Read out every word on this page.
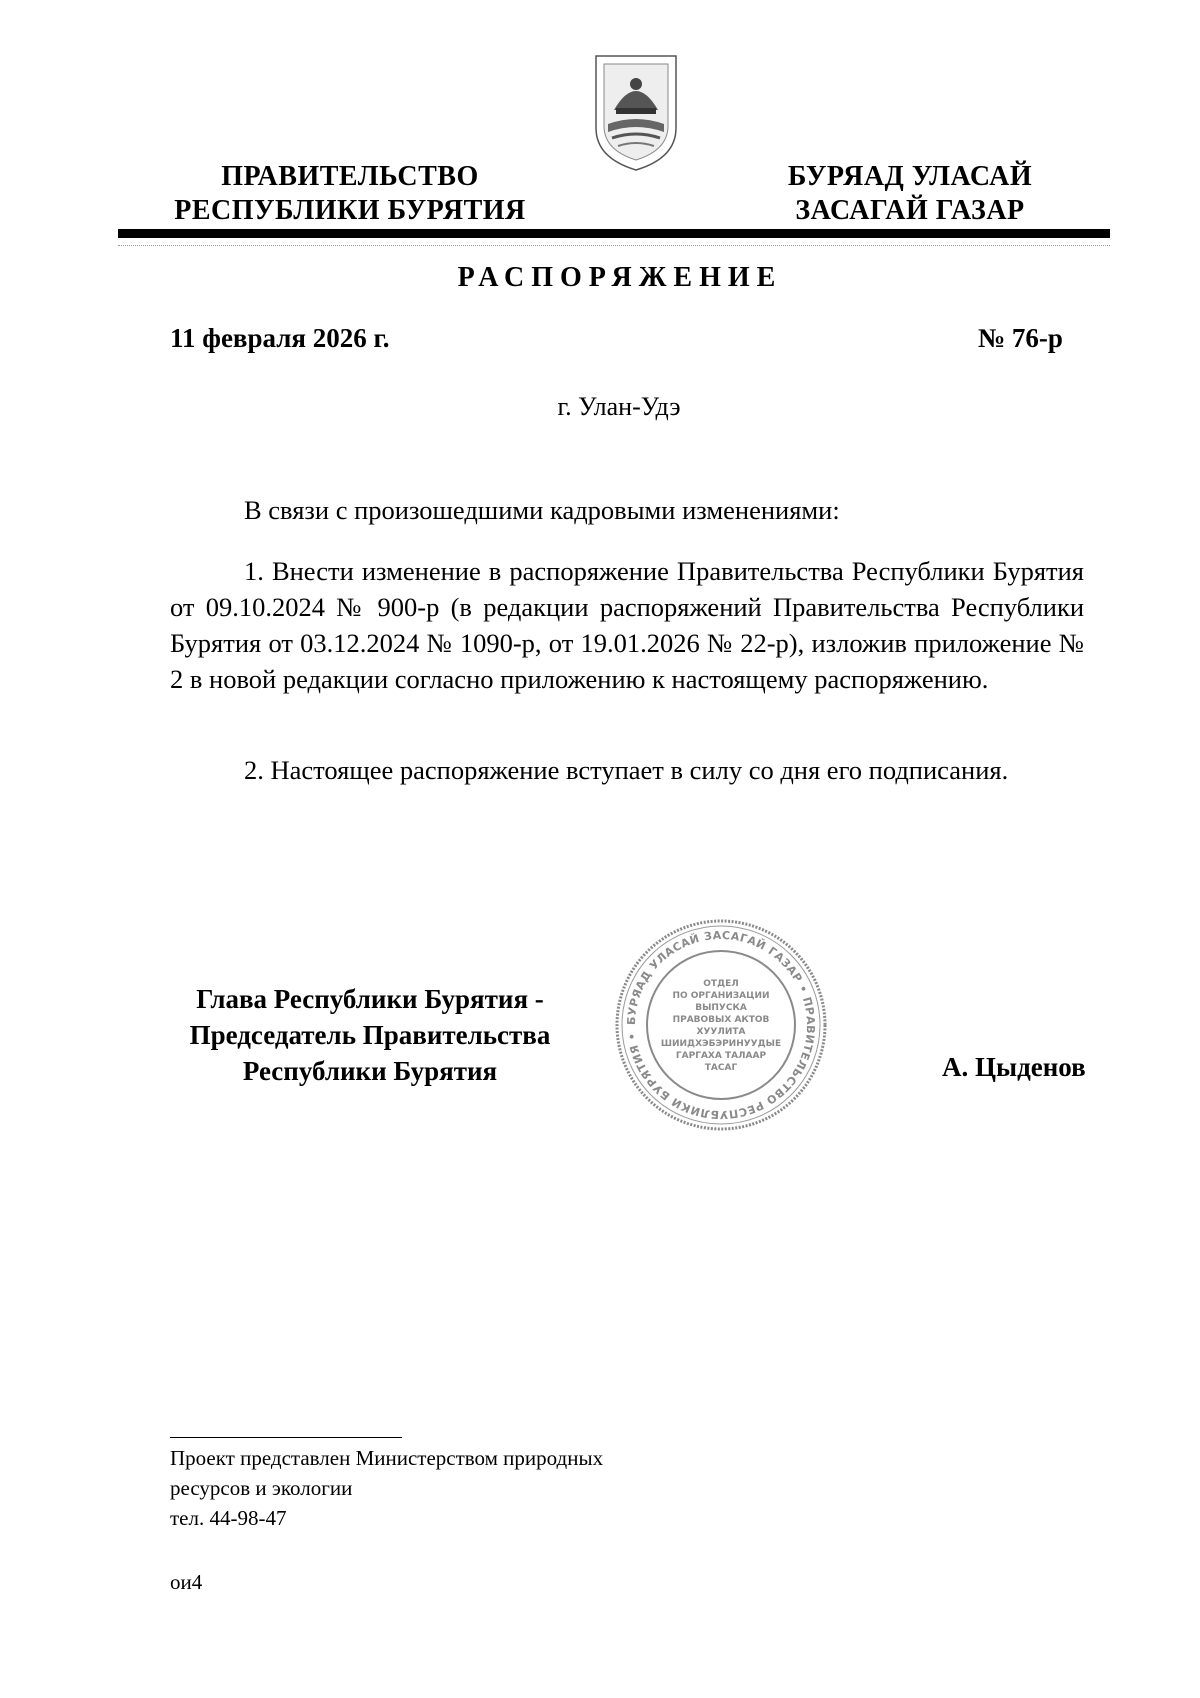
ПРАВИТЕЛЬСТВО
РЕСПУБЛИКИ БУРЯТИЯ
БУРЯАД УЛАСАЙ
ЗАСАГАЙ ГАЗАР
РАСПОРЯЖЕНИЕ
11 февраля 2026 г.	№ 76-р
г. Улан-Удэ
В связи с произошедшими кадровыми изменениями:
1. Внести изменение в распоряжение Правительства Республики Бурятия от 09.10.2024 № 900-р (в редакции распоряжений Правительства Республики Бурятия от 03.12.2024 № 1090-р, от 19.01.2026 № 22-р), изложив приложение № 2 в новой редакции согласно приложению к настоящему распоряжению.
2. Настоящее распоряжение вступает в силу со дня его подписания.
Глава Республики Бурятия -
Председатель Правительства
Республики Бурятия	А. Цыденов
БУРЯАД УЛАСАЙ ЗАСАГАЙ ГАЗАР • ПРАВИТЕЛЬСТВО РЕСПУБЛИКИ БУРЯТИЯ •
ОТДЕЛ
ПО ОРГАНИЗАЦИИ
ВЫПУСКА
ПРАВОВЫХ АКТОВ
ХУУЛИТА
ШИИДХЭБЭРИНУУДЫЕ
ГАРГАХА ТАЛААР
ТАСАГ
Проект представлен Министерством природных
ресурсов и экологии
тел. 44-98-47
ои4
